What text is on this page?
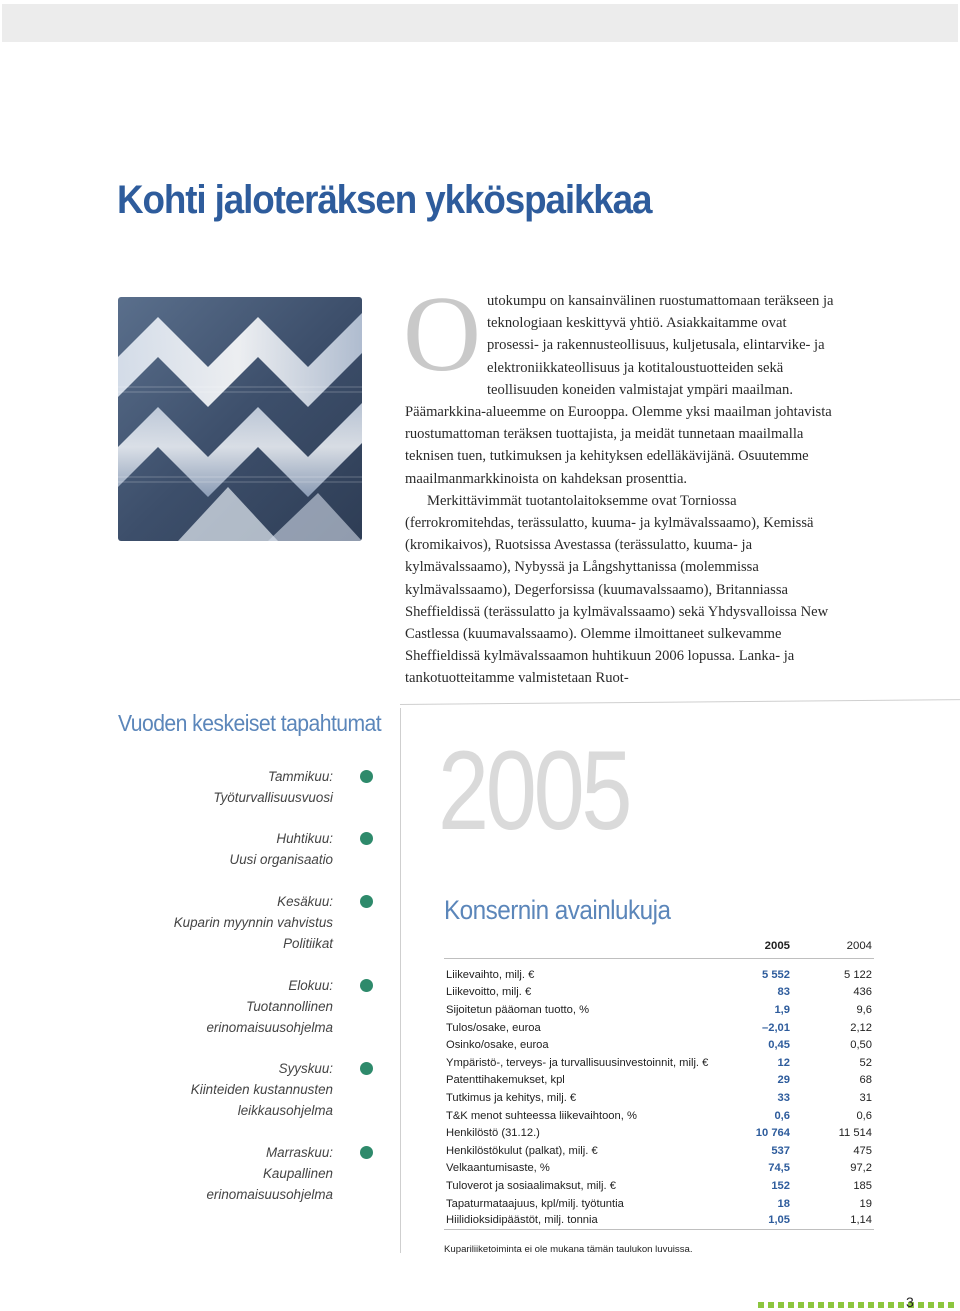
Kohti jaloteräksen ykköspaikkaa
O utokumpu on kansainvälinen ruostumattomaan teräkseen ja teknologiaan keskittyvä yhtiö. Asiakkaitamme ovat prosessi- ja rakennusteollisuus, kuljetusala, elintarvike- ja elektroniikkateollisuus ja kotitaloustuotteiden sekä teollisuuden koneiden valmistajat ympäri maailman. Päämarkkina-alueemme on Eurooppa. Olemme yksi maailman johtavista ruostumattoman teräksen tuottajista, ja meidät tunnetaan maailmalla teknisen tuen, tutkimuksen ja kehityksen edelläkävijänä. Osuutemme maailmanmarkkinoista on kahdeksan prosenttia.

Merkittävimmät tuotantolaitoksemme ovat Torniossa (ferrokromitehdas, terässulatto, kuuma- ja kylmävalssaamo), Kemissä (kromikaivos), Ruotsissa Avestassa (terässulatto, kuuma- ja kylmävalssaamo), Nybyssä ja Långshyttanissa (molemmissa kylmävalssaamo), Degerforsissa (kuumavalssaamo), Britanniassa Sheffieldissä (terässulatto ja kylmävalssaamo) sekä Yhdysvalloissa New Castlessa (kuumavalssaamo). Olemme ilmoittaneet sulkevamme Sheffieldissä kylmävalssaamon huhtikuun 2006 lopussa. Lanka- ja tankotuotteitamme valmistetaan Ruot-

Vuoden keskeiset tapahtumat
Tammikuu:
Työturvallisuusvuosi
Huhtikuu:
Uusi organisaatio
Kesäkuu:
Kuparin myynnin vahvistus
Politiikat
Elokuu:
Tuotannollinen
erinomaisuusohjelma
Syyskuu:
Kiinteiden kustannusten
leikkausohjelma
Marraskuu:
Kaupallinen
erinomaisuusohjelma
2005
Konsernin avainlukuja
	2005	2004

Liikevaihto, milj. €	5 552	5 122
Liikevoitto, milj. €	83	436
Sijoitetun pääoman tuotto, %	1,9	9,6
Tulos/osake, euroa	–2,01	2,12
Osinko/osake, euroa	0,45	0,50
Ympäristö-, terveys- ja turvallisuusinvestoinnit, milj. €	12	52
Patenttihakemukset, kpl	29	68
Tutkimus ja kehitys, milj. €	33	31
T&K menot suhteessa liikevaihtoon, %	0,6	0,6
Henkilöstö (31.12.)	10 764	11 514
Henkilöstökulut (palkat), milj. €	537	475
Velkaantumisaste, %	74,5	97,2
Tuloverot ja sosiaalimaksut, milj. €	152	185
Tapaturmataajuus, kpl/milj. työtuntia	18	19
Hiilidioksidipäästöt, milj. tonnia	1,05	1,14
Kupariliiketoiminta ei ole mukana tämän taulukon luvuissa.
3
